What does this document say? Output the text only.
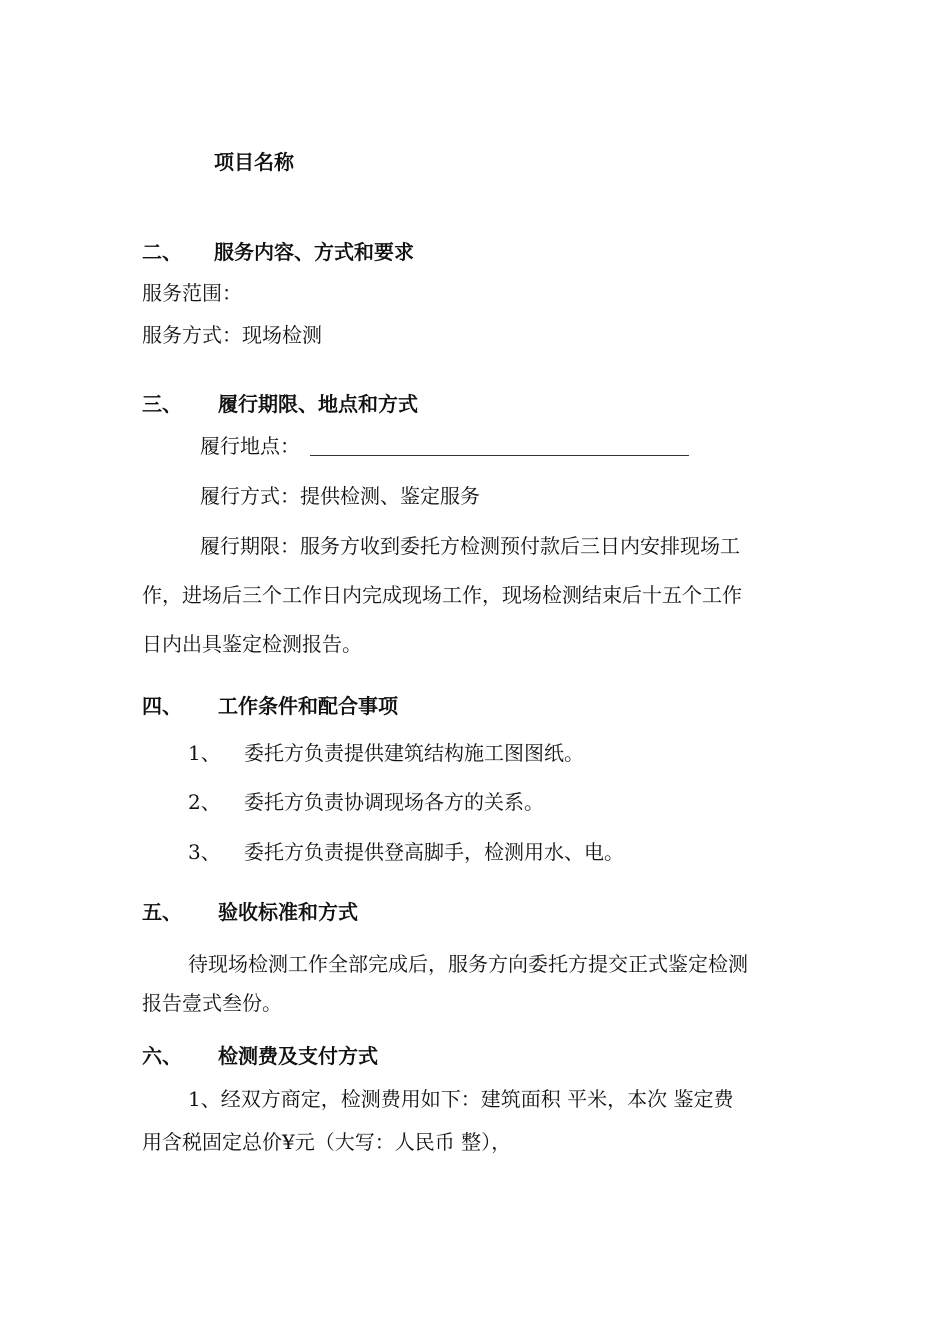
项目名称
二、 服务内容、方式和要求
服务范围：
服务方式：现场检测
三、 履行期限、地点和方式
履行地点：
履行方式：提供检测、鉴定服务
履行期限：服务方收到委托方检测预付款后三日内安排现场工
作，进场后三个工作日内完成现场工作，现场检测结束后十五个工作
日内出具鉴定检测报告。
四、 工作条件和配合事项
1、 委托方负责提供建筑结构施工图图纸。
2、 委托方负责协调现场各方的关系。
3、 委托方负责提供登高脚手，检测用水、电。
五、 验收标准和方式
待现场检测工作全部完成后，服务方向委托方提交正式鉴定检测
报告壹式叁份。
六、 检测费及支付方式
1、经双方商定，检测费用如下：建筑面积 平米，本次 鉴定费
用含税固定总价¥元（大写：人民币 整），
